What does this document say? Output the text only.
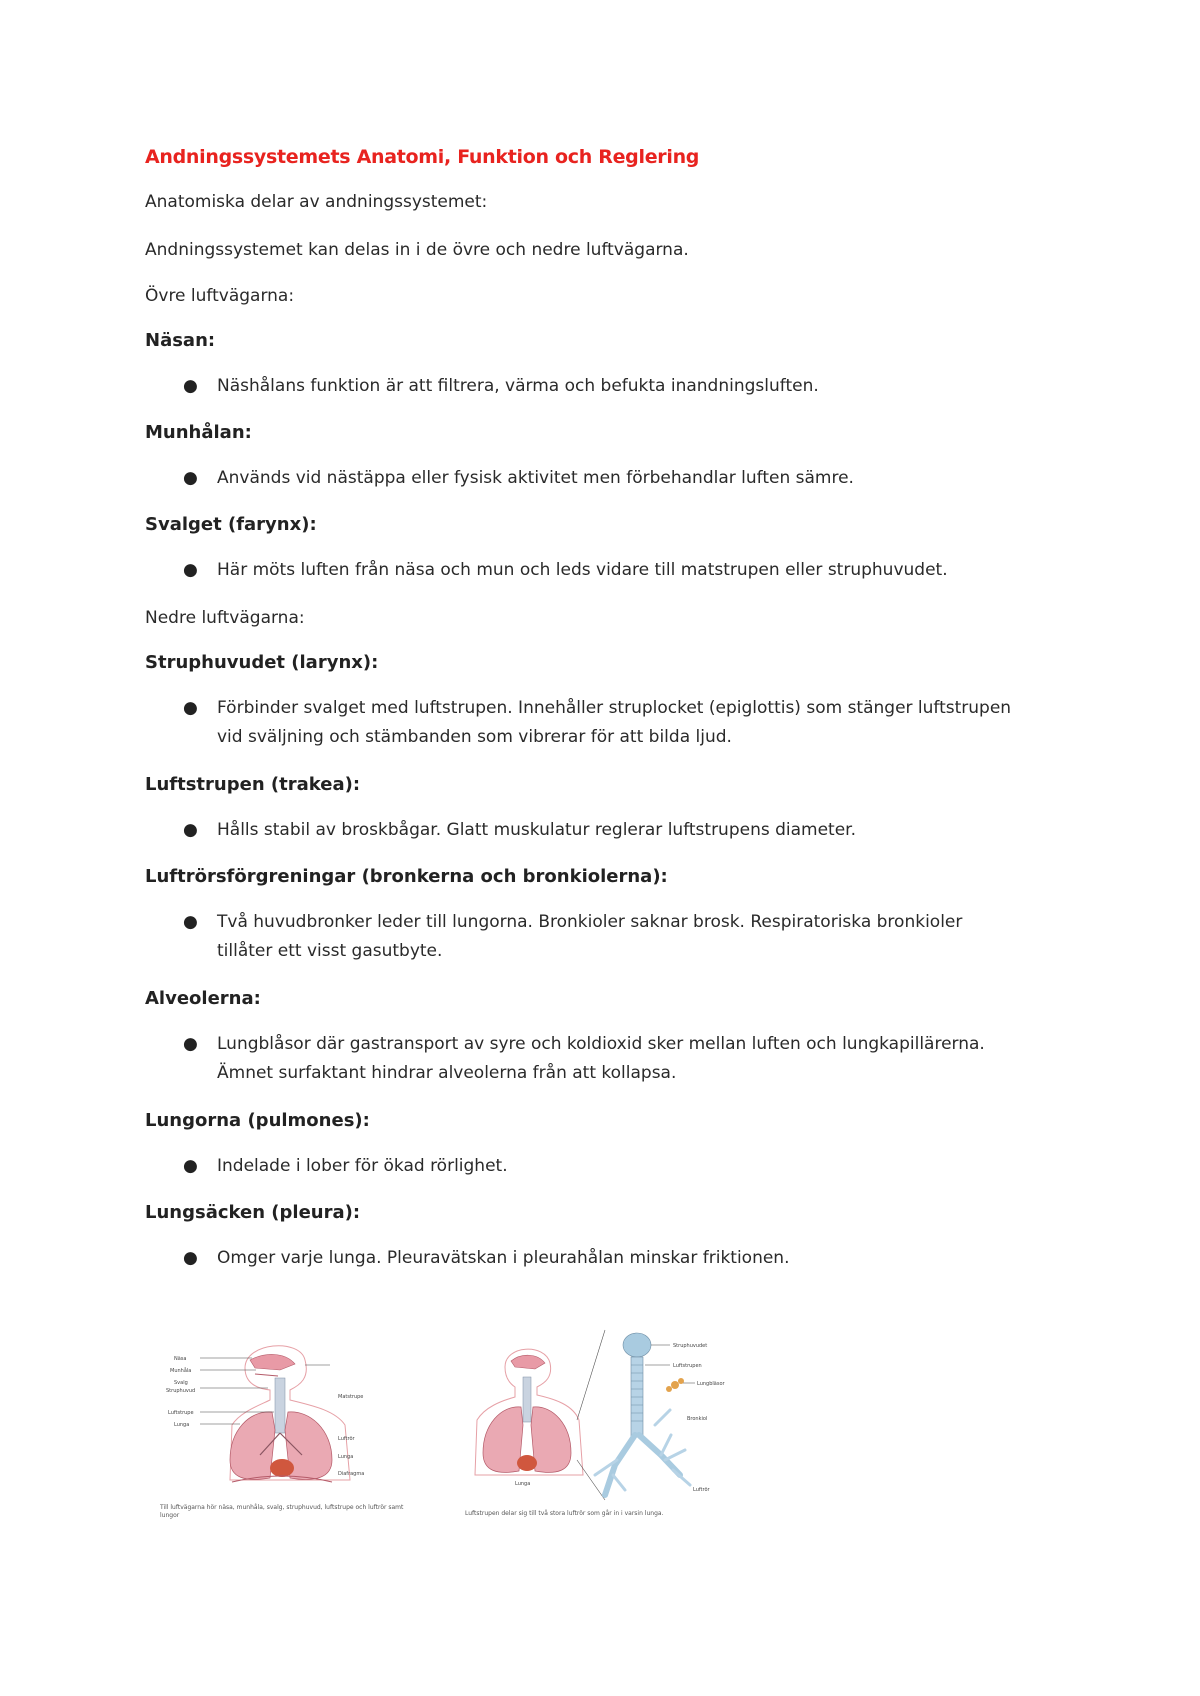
Andningssystemets Anatomi, Funktion och Reglering
Anatomiska delar av andningssystemet:
Andningssystemet kan delas in i de övre och nedre luftvägarna.
Övre luftvägarna:
Näsan:
● Näshålans funktion är att filtrera, värma och befukta inandningsluften.
Munhålan:
● Används vid nästäppa eller fysisk aktivitet men förbehandlar luften sämre.
Svalget (farynx):
● Här möts luften från näsa och mun och leds vidare till matstrupen eller struphuvudet.
Nedre luftvägarna:
Struphuvudet (larynx):
● Förbinder svalget med luftstrupen. Innehåller struplocket (epiglottis) som stänger luftstrupen
vid sväljning och stämbanden som vibrerar för att bilda ljud.
Luftstrupen (trakea):
● Hålls stabil av broskbågar. Glatt muskulatur reglerar luftstrupens diameter.
Luftrörsförgreningar (bronkerna och bronkiolerna):
● Två huvudbronker leder till lungorna. Bronkioler saknar brosk. Respiratoriska bronkioler
tillåter ett visst gasutbyte.
Alveolerna:
● Lungblåsor där gastransport av syre och koldioxid sker mellan luften och lungkapillärerna.
Ämnet surfaktant hindrar alveolerna från att kollapsa.
Lungorna (pulmones):
● Indelade i lober för ökad rörlighet.
Lungsäcken (pleura):
● Omger varje lunga. Pleuravätskan i pleurahålan minskar friktionen.
Näsa
Munhåla
Svalg
Struphuvud
Luftstrupe
Lunga
Matstrupe
Luftrör
Lunga
Diafragma
Till luftvägarna hör näsa, munhåla, svalg, struphuvud, luftstrupe och luftrör samt lungor
Struphuvudet
Luftstrupen
Lungbläsor
Bronkiol
Lunga
Luftrör
Luftstrupen delar sig till två stora luftrör som går in i varsin lunga.
